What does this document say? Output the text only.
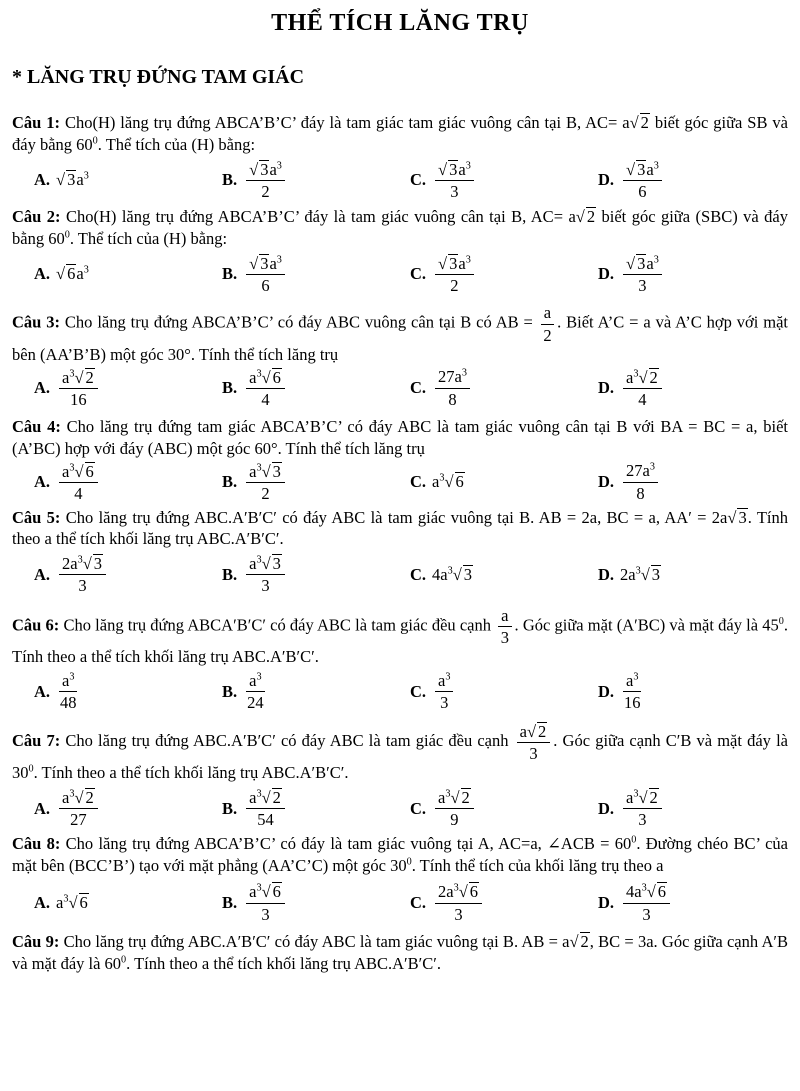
THỂ TÍCH LĂNG TRỤ
* LĂNG TRỤ ĐỨNG TAM GIÁC
Câu 1: Cho(H) lăng trụ đứng ABCA’B’C’ đáy là tam giác tam giác vuông cân tại B, AC= a√ 2 biết góc giữa SB và đáy bằng $60^0$. Thể tích của (H) bằng:
A. √ $3a^3$	B. $\frac{√ 3a^3}{2}$	C. $\frac{√ 3a^3}{3}$	D. $\frac{√ 3a^3}{6}$
Câu 2: Cho(H) lăng trụ đứng ABCA’B’C’ đáy là tam giác vuông cân tại B, AC= a√ 2 biết góc giữa (SBC) và đáy bằng $60^0$. Thể tích của (H) bằng:
A. √ $6a^3$	B. $\frac{√ 3a^3}{6}$	C. $\frac{√ 3a^3}{2}$	D. $\frac{√ 3a^3}{3}$
Câu 3: Cho lăng trụ đứng ABCA’B’C’ có đáy ABC vuông cân tại B có AB = $\frac{a}{2}$ . Biết A’C = a và A’C hợp với mặt bên (AA’B’B) một góc 30°. Tính thể tích lăng trụ
A. $\frac{a^3√ 2}{16}$	B. $\frac{a^3√ 6}{4}$	C. $\frac{27a^3}{8}$	D. $\frac{a^3√ 2}{4}$
Câu 4: Cho lăng trụ đứng tam giác ABCA’B’C’ có đáy ABC là tam giác vuông cân tại B với BA = BC = a, biết (A’BC) hợp với đáy (ABC) một góc 60°. Tính thể tích lăng trụ
A. $\frac{a^3√ 6}{4}$	B. $\frac{a^3√ 3}{2}$	C. $a^3√$ 6	D. $\frac{27a^3}{8}$
Câu 5: Cho lăng trụ đứng ABC.A′B′C′ có đáy ABC là tam giác vuông tại B. AB = 2a, BC = a, AA′ = 2a√ 3. Tính theo a thể tích khối lăng trụ ABC.A′B′C′.
A. $\frac{2a^3√ 3}{3}$	B. $\frac{a^3√ 3}{3}$	C. $4a^3√$ 3	D. $2a^3√$ 3
Câu 6: Cho lăng trụ đứng ABCA′B′C′ có đáy ABC là tam giác đều cạnh $\frac{a}{3}$ . Góc giữa mặt (A′BC) và mặt đáy là $45^0$. Tính theo a thể tích khối lăng trụ ABC.A′B′C′.
A. $\frac{a^3}{48}$	B. $\frac{a^3}{24}$	C. $\frac{a^3}{3}$	D. $\frac{a^3}{16}$
Câu 7: Cho lăng trụ đứng ABC.A′B′C′ có đáy ABC là tam giác đều cạnh $\frac{a√ 2}{3}$ . Góc giữa cạnh C′B và mặt đáy là $30^0$. Tính theo a thể tích khối lăng trụ ABC.A′B′C′.
A. $\frac{a^3√ 2}{27}$	B. $\frac{a^3√ 2}{54}$	C. $\frac{a^3√ 2}{9}$	D. $\frac{a^3√ 2}{3}$
Câu 8: Cho lăng trụ đứng ABCA’B’C’ có đáy là tam giác vuông tại A, AC=a, ∠ACB = $60^0$. Đường chéo BC’ của mặt bên (BCC’B’) tạo với mặt phẳng (AA’C’C) một góc $30^0$. Tính thể tích của khối lăng trụ theo a
A. $a^3√$ 6	B. $\frac{a^3√ 6}{3}$	C. $\frac{2a^3√ 6}{3}$	D. $\frac{4a^3√ 6}{3}$
Câu 9: Cho lăng trụ đứng ABC.A′B′C′ có đáy ABC là tam giác vuông tại B. AB = a√ 2, BC = 3a. Góc giữa cạnh A′B và mặt đáy là $60^0$. Tính theo a thể tích khối lăng trụ ABC.A′B′C′.
